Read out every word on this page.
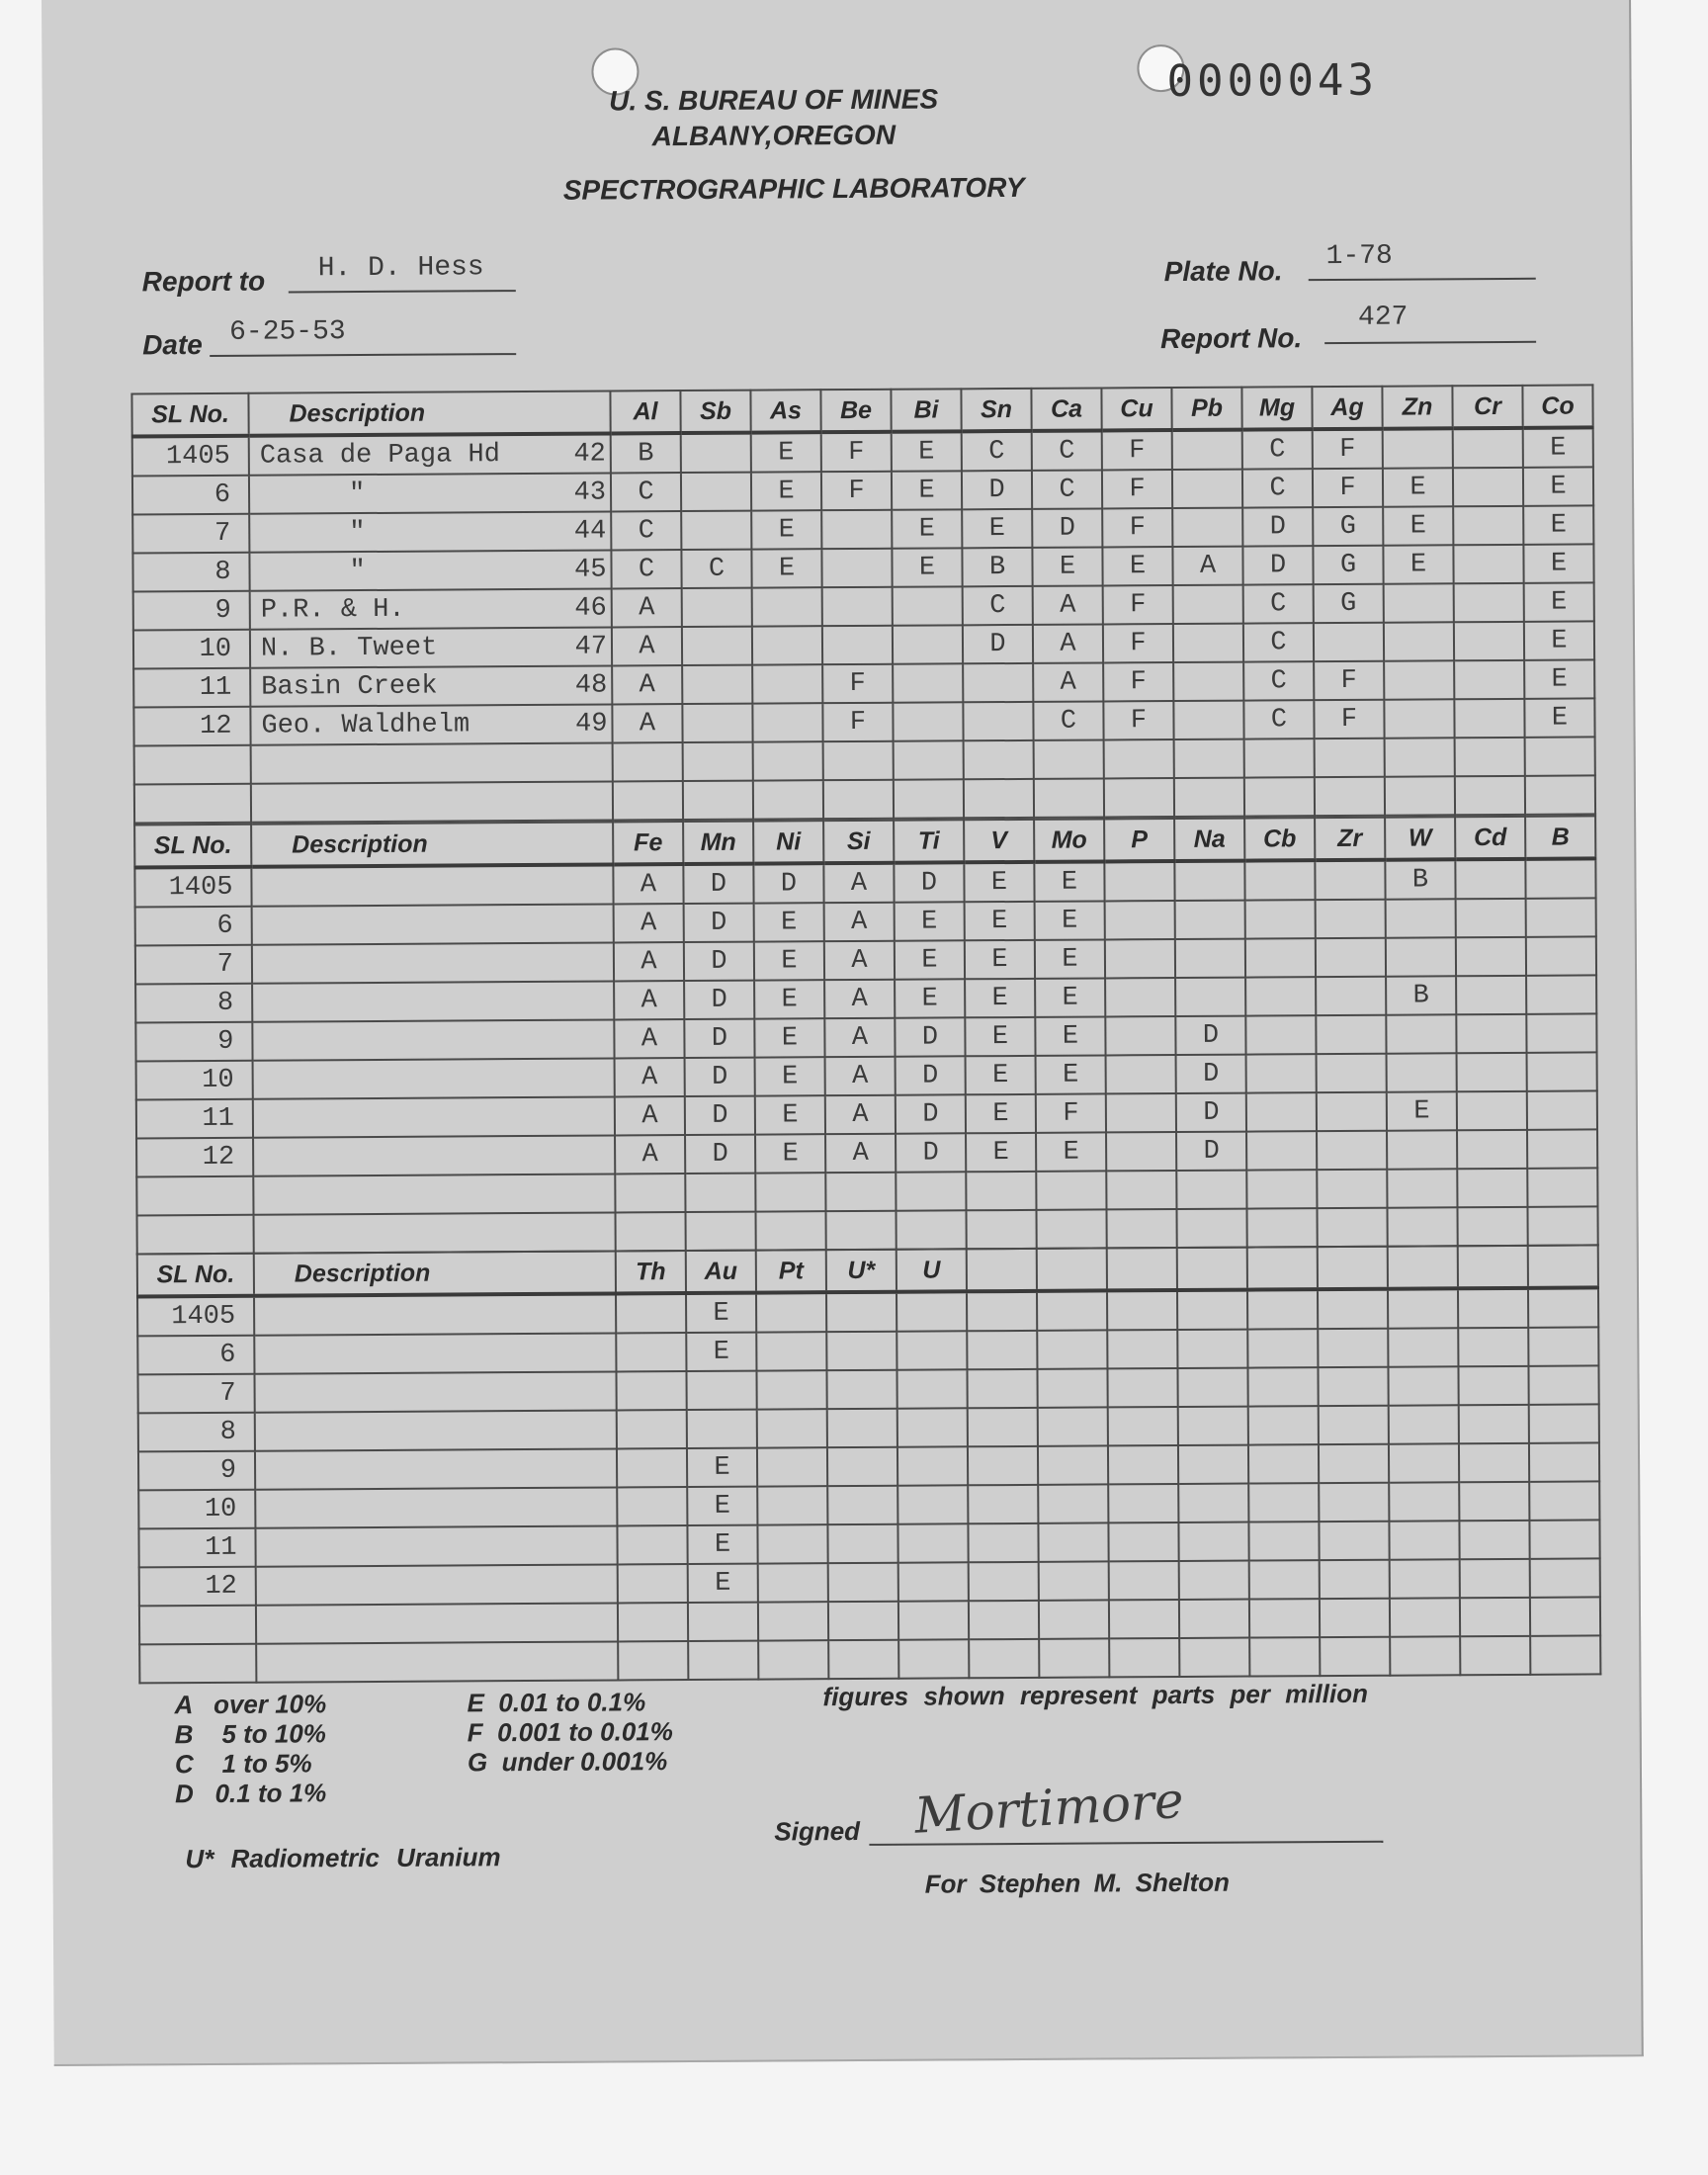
0000043
U. S. BUREAU OF MINES
ALBANY,OREGON
SPECTROGRAPHIC LABORATORY
Report to H. D. Hess
Date 6-25-53
Plate No. 1-78
Report No.
427
SL No.	Description	Al	Sb	As	Be	Bi	Sn	Ca	Cu	Pb	Mg	Ag	Zn	Cr	Co
1405	Casa de Paga Hd 42	B		E	F	E	C	C	F		C	F			E
6	" 43	C		E	F	E	D	C	F		C	F	E		E
7	" 44	C		E		E	E	D	F		D	G	E		E
8	" 45	C	C	E		E	B	E	E	A	D	G	E		E
9	P.R. & H. 46	A					C	A	F		C	G			E
10	N. B. Tweet 47	A					D	A	F		C				E
11	Basin Creek 48	A			F			A	F		C	F			E
12	Geo. Waldhelm 49	A			F			C	F		C	F			E

SL No.	Description	Fe	Mn	Ni	Si	Ti	V	Mo	P	Na	Cb	Zr	W	Cd	B
1405		A	D	D	A	D	E	E					B		
6		A	D	E	A	E	E	E							
7		A	D	E	A	E	E	E							
8		A	D	E	A	E	E	E					B		
9		A	D	E	A	D	E	E		D					
10		A	D	E	A	D	E	E		D					
11		A	D	E	A	D	E	F		D			E		
12		A	D	E	A	D	E	E		D					

SL No.	Description	Th	Au	Pt	U*	U									
1405			E												
6			E												
7	

8	

9			E												
10			E												
11			E												
12			E												

A   over 10%
B    5 to 10%
C    1 to 5%
D   0.1 to 1%
E  0.01 to 0.1%
F  0.001 to 0.01%
G  under 0.001%
figures shown represent parts per million
U* Radiometric Uranium
Signed Mortimore
For Stephen M. Shelton
